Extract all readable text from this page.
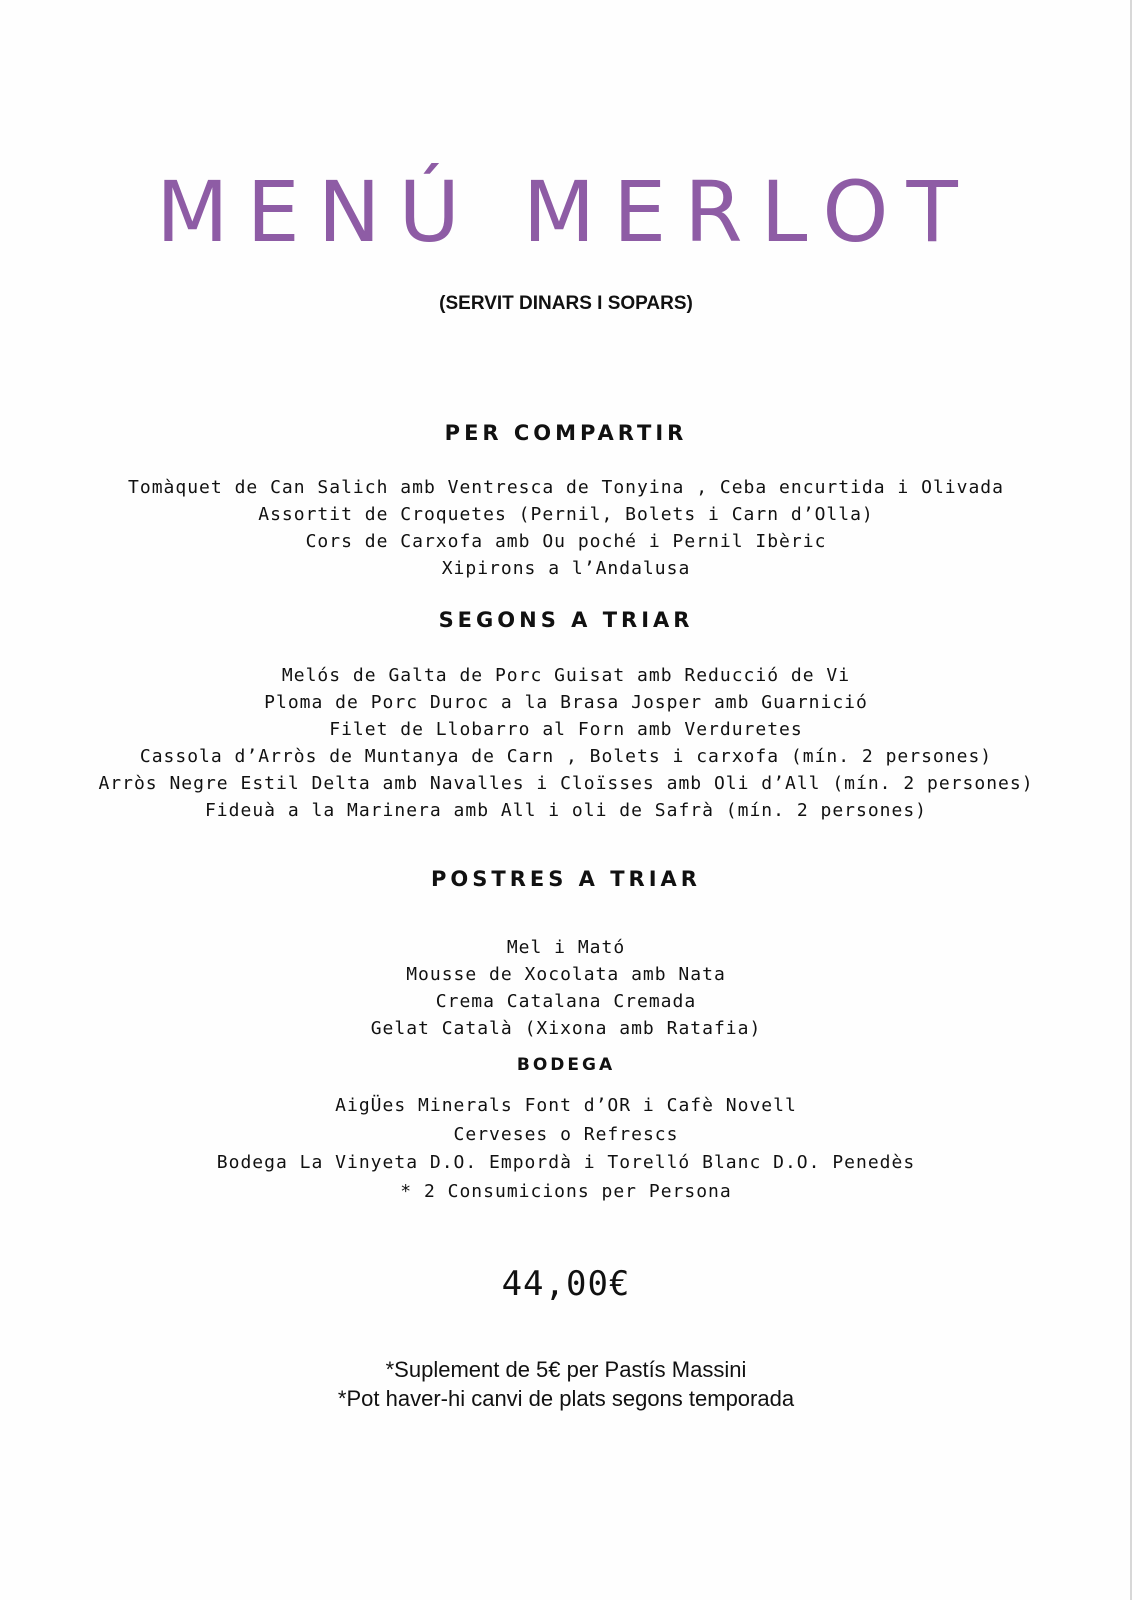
MENÚ MERLOT
(SERVIT DINARS I SOPARS)
PER COMPARTIR
Tomàquet de Can Salich amb Ventresca de Tonyina , Ceba encurtida i Olivada
Assortit de Croquetes (Pernil, Bolets i Carn d’Olla)
Cors de Carxofa amb Ou poché i Pernil Ibèric
Xipirons a l’Andalusa
SEGONS A TRIAR
Melós de Galta de Porc Guisat amb Reducció de Vi
Ploma de Porc Duroc a la Brasa Josper amb Guarnició
Filet de Llobarro al Forn amb Verduretes
Cassola d’Arròs de Muntanya de Carn , Bolets i carxofa (mín. 2 persones)
Arròs Negre Estil Delta amb Navalles i Cloïsses amb Oli d’All (mín. 2 persones)
Fideuà a la Marinera amb All i oli de Safrà (mín. 2 persones)
POSTRES A TRIAR
Mel i Mató
Mousse de Xocolata amb Nata
Crema Catalana Cremada
Gelat Català (Xixona amb Ratafia)
BODEGA
AigÜes Minerals Font d’OR i Cafè Novell
Cerveses o Refrescs
Bodega La Vinyeta D.O. Empordà i Torelló Blanc D.O. Penedès
* 2 Consumicions per Persona
44,00€
*Suplement de 5€ per Pastís Massini
*Pot haver-hi canvi de plats segons temporada
